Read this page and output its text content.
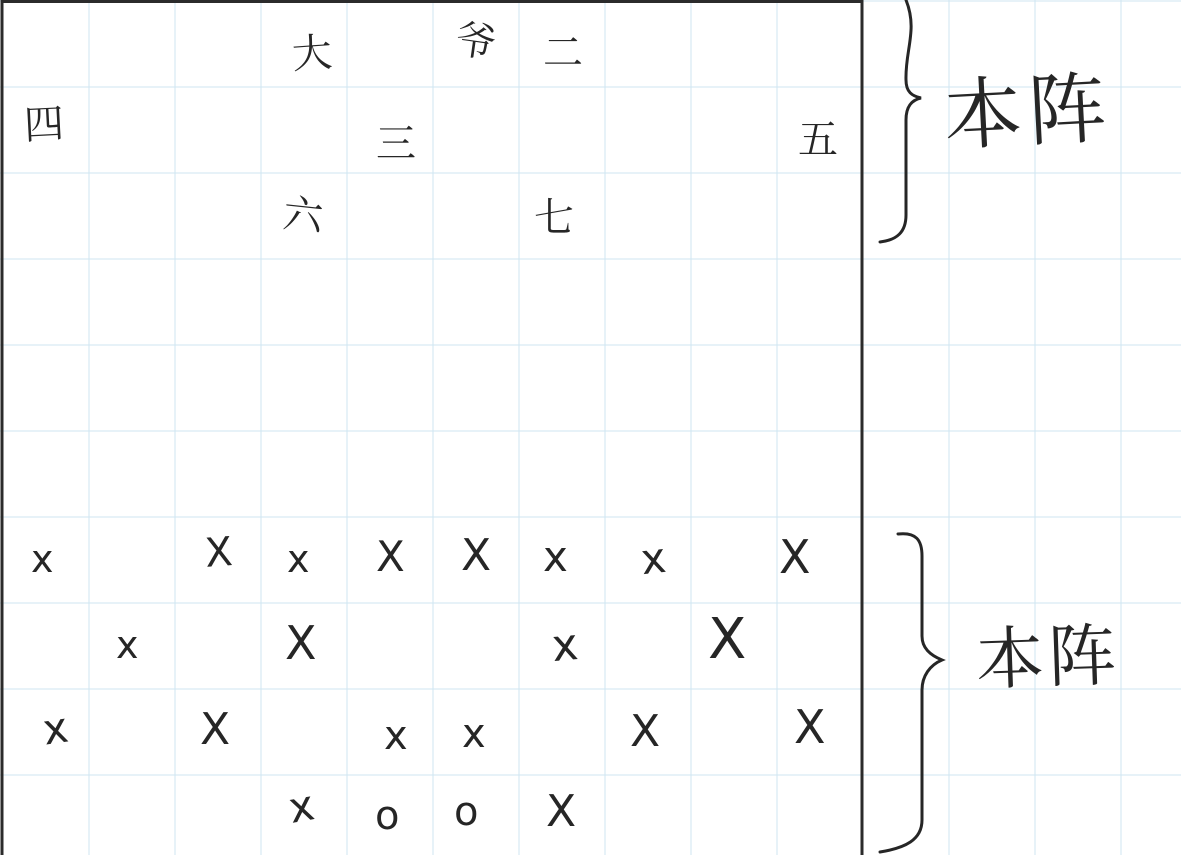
大	爷 二
四	三	五
六	七
本阵
本阵
x	X x X X x x X
x	X	x X
x	X	x x	X	X
x o o X
